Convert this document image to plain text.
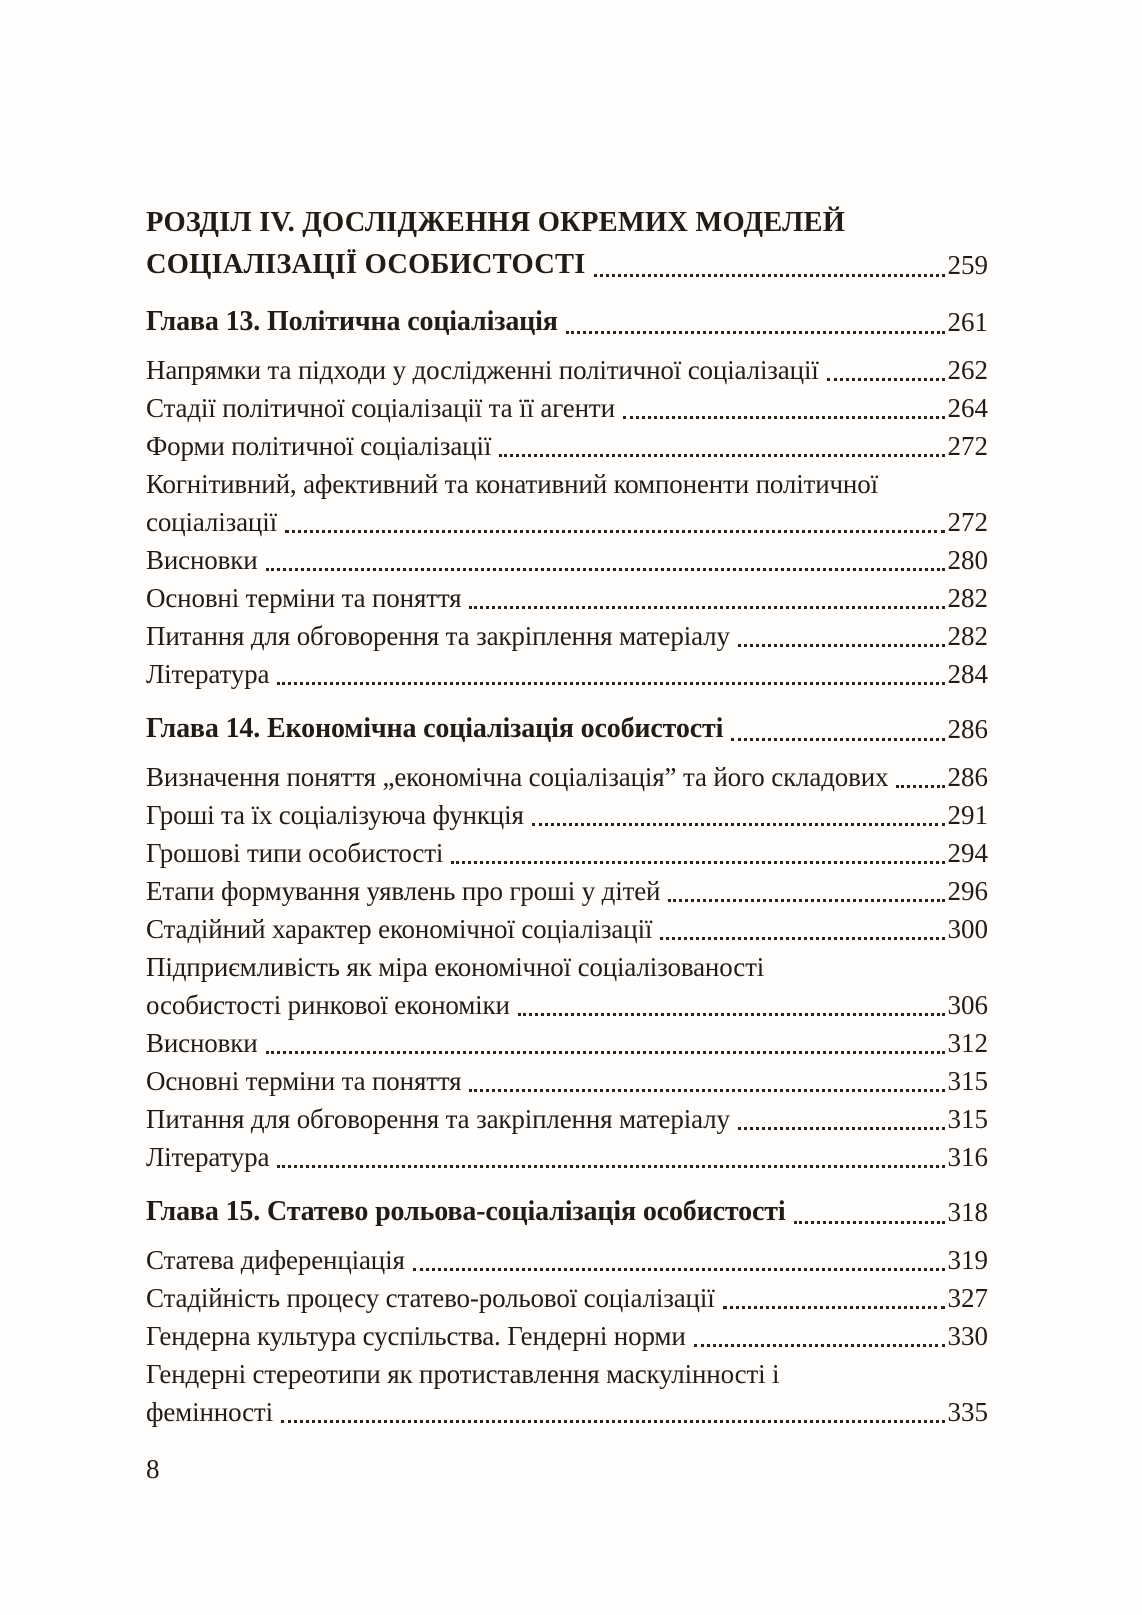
РОЗДІЛ IV. ДОСЛІДЖЕННЯ ОКРЕМИХ МОДЕЛЕЙ
СОЦІАЛІЗАЦІЇ ОСОБИСТОСТІ	259
Глава 13. Політична соціалізація	261
Напрямки та підходи у дослідженні політичної соціалізації	262
Стадії політичної соціалізації та її агенти	264
Форми політичної соціалізації	272
Когнітивний, афективний та конативний компоненти політичної
соціалізації	272
Висновки	280
Основні терміни та поняття	282
Питання для обговорення та закріплення матеріалу	282
Література	284
Глава 14. Економічна соціалізація особистості	286
Визначення поняття „економічна соціалізація” та його складових 286
Гроші та їх соціалізуюча функція	291
Грошові типи особистості	294
Етапи формування уявлень про гроші у дітей	296
Стадійний характер економічної соціалізації	300
Підприємливість як міра економічної соціалізованості
особистості ринкової економіки	306
Висновки	312
Основні терміни та поняття	315
Питання для обговорення та закріплення матеріалу	315
Література	316
Глава 15. Статево рольова-соціалізація особистості	318
Статева диференціація	319
Стадійність процесу статево-рольової соціалізації	327
Гендерна культура суспільства. Гендерні норми	330
Гендерні стереотипи як протиставлення маскулінності і
фемінності	335
8
